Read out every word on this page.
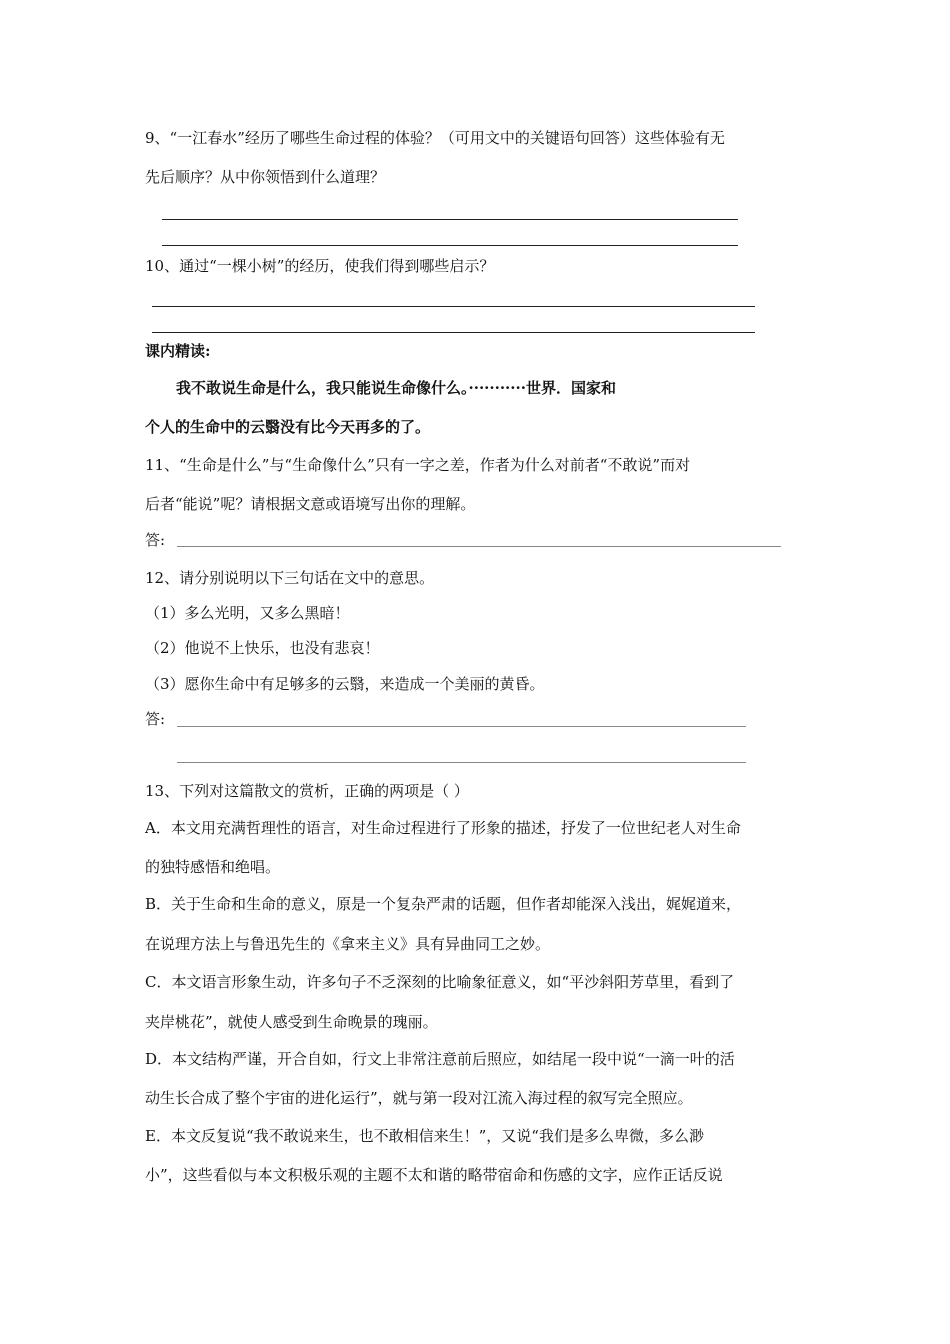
9、“一江春水”经历了哪些生命过程的体验？（可用文中的关键语句回答）这些体验有无
先后顺序？从中你领悟到什么道理？
10、通过“一棵小树”的经历，使我们得到哪些启示？
课内精读:
我不敢说生命是什么，我只能说生命像什么。···········世界．国家和
个人的生命中的云翳没有比今天再多的了。
11、“生命是什么”与“生命像什么”只有一字之差，作者为什么对前者“不敢说”而对
后者“能说”呢？请根据文意或语境写出你的理解。
答:
12、请分别说明以下三句话在文中的意思。
（1）多么光明，又多么黑暗！
（2）他说不上快乐，也没有悲哀！
（3）愿你生命中有足够多的云翳，来造成一个美丽的黄昏。
答:
13、下列对这篇散文的赏析，正确的两项是（ ）
A．本文用充满哲理性的语言，对生命过程进行了形象的描述，抒发了一位世纪老人对生命
的独特感悟和绝唱。
B．关于生命和生命的意义，原是一个复杂严肃的话题，但作者却能深入浅出，娓娓道来，
在说理方法上与鲁迅先生的《拿来主义》具有异曲同工之妙。
C．本文语言形象生动，许多句子不乏深刻的比喻象征意义，如“平沙斜阳芳草里，看到了
夹岸桃花”，就使人感受到生命晚景的瑰丽。
D．本文结构严谨，开合自如，行文上非常注意前后照应，如结尾一段中说“一滴一叶的活
动生长合成了整个宇宙的进化运行”，就与第一段对江流入海过程的叙写完全照应。
E．本文反复说“我不敢说来生，也不敢相信来生！”，又说“我们是多么卑微，多么渺
小”，这些看似与本文积极乐观的主题不太和谐的略带宿命和伤感的文字，应作正话反说
